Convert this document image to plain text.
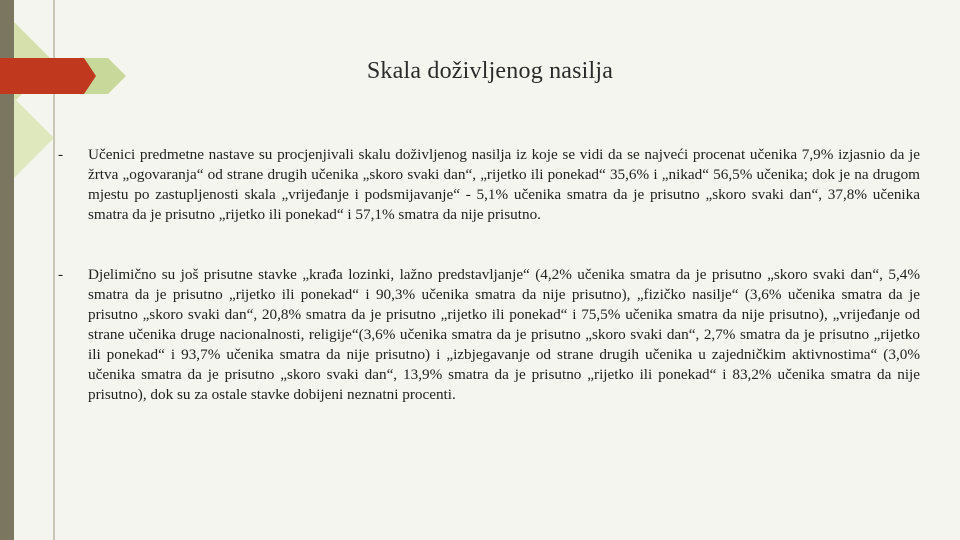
Skala doživljenog nasilja
- Učenici predmetne nastave su procjenjivali skalu doživljenog nasilja iz koje se vidi da se najveći procenat učenika 7,9% izjasnio da je žrtva „ogovaranja“ od strane drugih učenika „skoro svaki dan“, „rijetko ili ponekad“ 35,6% i „nikad“ 56,5% učenika; dok je na drugom mjestu po zastupljenosti skala „vrijeđanje i podsmijavanje“ - 5,1% učenika smatra da je prisutno „skoro svaki dan“, 37,8% učenika smatra da je prisutno „rijetko ili ponekad“ i 57,1% smatra da nije prisutno.
- Djelimično su još prisutne stavke „krađa lozinki, lažno predstavljanje“ (4,2% učenika smatra da je prisutno „skoro svaki dan“, 5,4% smatra da je prisutno „rijetko ili ponekad“ i 90,3% učenika smatra da nije prisutno), „fizičko nasilje“ (3,6% učenika smatra da je prisutno „skoro svaki dan“, 20,8% smatra da je prisutno „rijetko ili ponekad“ i 75,5% učenika smatra da nije prisutno), „vrijeđanje od strane učenika druge nacionalnosti, religije“(3,6% učenika smatra da je prisutno „skoro svaki dan“, 2,7% smatra da je prisutno „rijetko ili ponekad“ i 93,7% učenika smatra da nije prisutno) i „izbjegavanje od strane drugih učenika u zajedničkim aktivnostima“ (3,0% učenika smatra da je prisutno „skoro svaki dan“, 13,9% smatra da je prisutno „rijetko ili ponekad“ i 83,2% učenika smatra da nije prisutno), dok su za ostale stavke dobijeni neznatni procenti.
